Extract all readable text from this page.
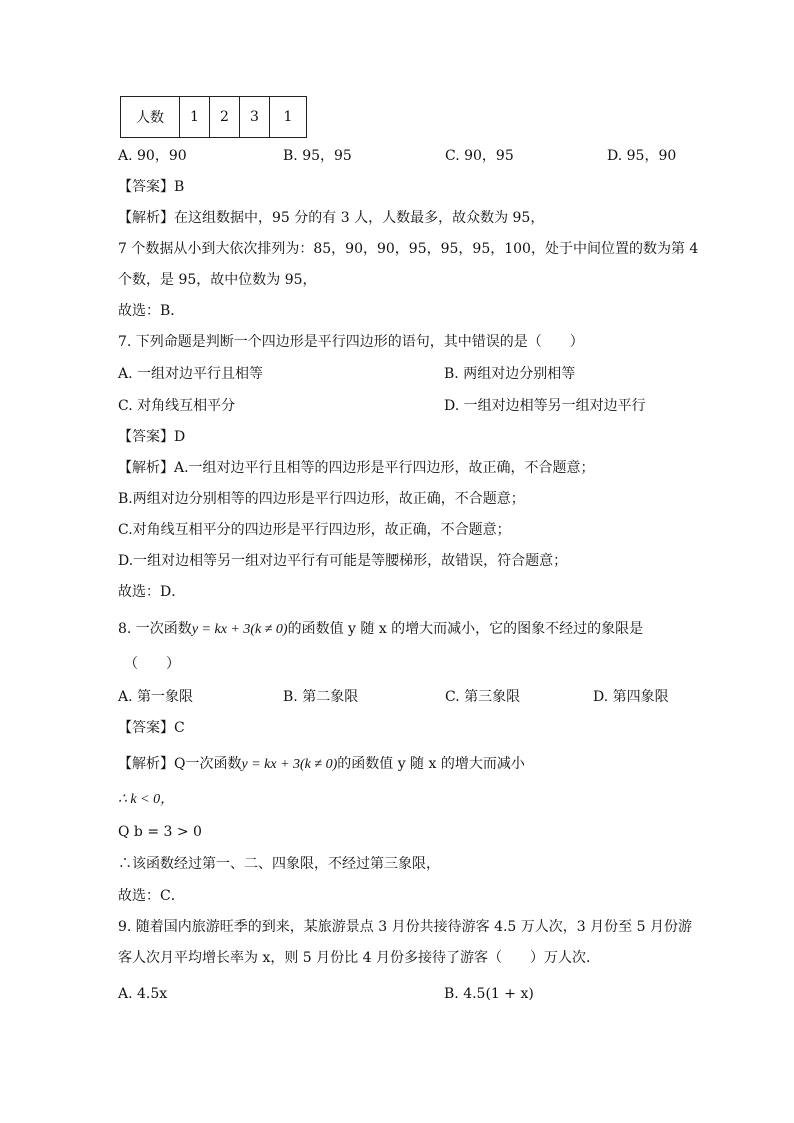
人数	1	2	3	1
A. 90，90	B. 95，95	C. 90，95	D. 95，90
【答案】B
【解析】在这组数据中，95 分的有 3 人，人数最多，故众数为 95，
7 个数据从小到大依次排列为：85，90，90，95，95，95，100，处于中间位置的数为第 4
个数，是 95，故中位数为 95，
故选：B．
7. 下列命题是判断一个四边形是平行四边形的语句，其中错误的是（　　）
A. 一组对边平行且相等	B. 两组对边分别相等
C. 对角线互相平分	D. 一组对边相等另一组对边平行
【答案】D
【解析】A.一组对边平行且相等的四边形是平行四边形，故正确，不合题意；
B.两组对边分别相等的四边形是平行四边形，故正确，不合题意；
C.对角线互相平分的四边形是平行四边形，故正确，不合题意；
D.一组对边相等另一组对边平行有可能是等腰梯形，故错误，符合题意；
故选：D．
8. 一次函数y = kx + 3(k ≠ 0)的函数值 y 随 x 的增大而减小，它的图象不经过的象限是
（　　）
A. 第一象限	B. 第二象限	C. 第三象限	D. 第四象限
【答案】C
【解析】Q一次函数y = kx + 3(k ≠ 0)的函数值 y 随 x 的增大而减小
∴ k < 0，
Q b = 3 > 0
∴该函数经过第一、二、四象限，不经过第三象限，
故选：C．
9. 随着国内旅游旺季的到来，某旅游景点 3 月份共接待游客 4.5 万人次，3 月份至 5 月份游
客人次月平均增长率为 x，则 5 月份比 4 月份多接待了游客（　　）万人次．
A. 4.5x	B. 4.5(1 + x)
